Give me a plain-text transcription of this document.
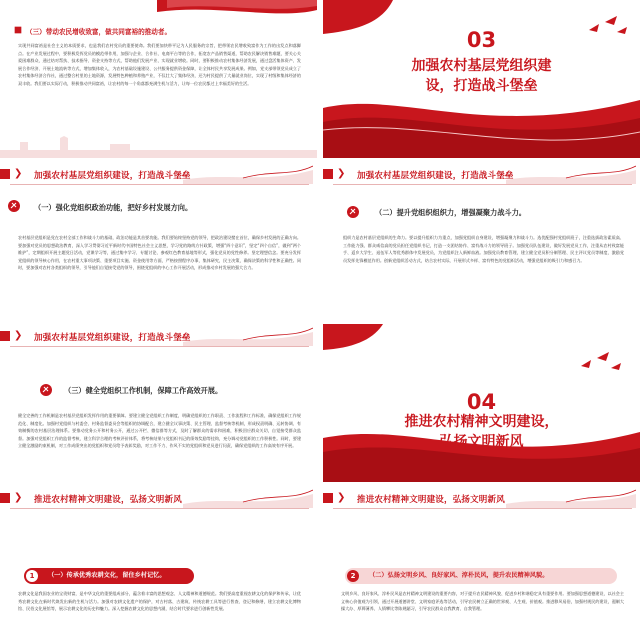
（三）带动农民增收致富，做共同富裕的推动者。
实现共同富裕是社会主义的本质要求，也是我们农村党员的重要使命。我们要加快带平记为人民服务的宗旨，把带领农民增收致富作为工作的出发点和落脚点。在产业发展过程中，要积极发挥党员的模范带作用，加强与企业、合作社、电商平台等的合作，拓宽农产品销售渠道，帮助农民解决销售难题，要关心关爱困难群众，通过结对帮扶、技术指导、资金支持等方式，帮助他们发展产业、实现就业增收。同时，要积极推动农村集体经济发展，通过盘活集体资产、发展合作经济、开展土地流转等方式，增加集体收入，为农村基础设施建设、公共服务提供资金保障，让全体村民共享发展成果。例如，党支部带领党员成立了农村集体经济合作社，通过整合村里的土地资源，发展特色种植和养殖产业，不仅壮大了集体经济，还为村民提供了大量就业岗位，实现了村级和集体经济的双丰收。我们要以实际行动，积极推动共同富裕，让农村的每一个角落都充满生机与活力，让每一位农民都过上幸福美好的生活。
03
加强农村基层党组织建
设，打造战斗堡垒
❯ 加强农村基层党组织建设，打造战斗堡垒
（一）强化党组织政治功能，把好乡村发展方向。
农村基层党组织是党在农村全部工作和战斗力的基础，政治功能是其首要功能。我们要始终坚持党的领导，把政治建设摆在首位，确保乡村发展的正确方向。要加强对党员的思想政治教育，深入学习贯彻习近平新时代中国特色社会主义思想，学习党的路线方针政策，增强“四个意识”，坚定“四个自信”，做到“两个维护”，定期组织开展主题党日活动，党课学习等，通过集中学习、专题讨论、参观红色教育基地等形式，强化党员的党性修养。坚定理想信念。要充分发挥党组织的领导核心作用，在农村重大事项决策、重要项目实施、资金使用等方面，严格按照程序办事，集体研究，民主决策，确保决策的科学性和正确性。同时，要加强对农村各类组织的领导，引导他们自觉接受党的领导，围绕党组织的中心工作开展活动，形成推动乡村发展的强大合力。
❯ 加强农村基层党组织建设，打造战斗堡垒
（二）提升党组织组织力，增强凝聚力战斗力。
组织力是农村基层党组织的生命力。要以提升组织力为重点，加强党组织自身建设，增强凝聚力和战斗力。选优配强村党组织班子，注重选拔政治素质高、工作能力强、群众威信高的党员担任党组织书记，打造一支团结协作、富有战斗力的领导班子。加强党员队伍建设，做好发展党员工作，注重从农村致富能手、返乡大学生、退伍军人等优秀群体中发展党员，为党组织注入新鲜血液。加强党员教育管理，建立健全党员积分制管理、民主评议党员等制度，激励党员发挥先锋模范作用。创新党组织活动方式，结合农村实际，开展形式多样、富有特色的党组织活动，增强党组织的吸引力和感召力。
❯ 加强农村基层党组织建设，打造战斗堡垒
（三）健全党组织工作机制，保障工作高效开展。
健全完善的工作机制是农村基层党组织发挥作用的重要保障。要建立健全党组织工作制度，明确党组织的工作职责、工作流程和工作标准，确保党组织工作规范化、制度化。加强村党组织与村委会、村务监督委员会等组织的协调配合，建立健全议事决策、民主管理、监督考核等机制，形成权责明确、运转协调、有效制衡的农村基层治理体系。要推动党务公开和村务公开，通过公开栏、微信群等方式，及时了解群众的需求和困难，积极回应群众关切，自觉接受群众监督。加强对党组织工作的监督考核，建立科学合理的考核评价体系，将考核结果与党组织书记的绩效奖励等挂钩，充分调动党组织的工作积极性。同时，要建立健全激励约束机制，对工作成绩突出的党组织和党员给予表彰奖励，对工作不力、作风不实的党组织和党员进行问责，确保党组织的工作高效有序开展。
04
推进农村精神文明建设，
弘扬文明新风
❯ 推进农村精神文明建设，弘扬文明新风
1	（一）传承优秀农耕文化，留住乡村记忆。
农耕文化是我国农业的宝贵财富，是中华文化的重要组成部分，蕴含着丰富的思想观念、人文精神和道德规范。我们要高度重视农耕文化的保护和传承，让优秀农耕文化在新时代焕发出新的生机与活力。加强对农耕文化遗产的保护，对古村落、古建筑、传统农耕工具等进行普查、登记和修缮，建立农耕文化博物馆、民俗文化展馆等，展示农耕文化的历史和魅力。深入挖掘农耕文化的思想内涵，结合时代要求进行创新性发展。
❯ 推进农村精神文明建设，弘扬文明新风
2	（二）弘扬文明乡风、良好家风、淳朴民风，提升农民精神风貌。
文明乡风、良好家风、淳朴民风是农村精神文明建设的重要内容，对于提升农民精神风貌、促进乡村和谐稳定具有重要作用。要加强思想道德建设，以社会主义核心价值观为引领，通过开展道德讲堂、文明家庭评选等活动，引导农民树立正确的世界观、人生观、价值观。推进移风易俗，加强村规民约建设，遏制大操大办、厚葬薄养、人情攀比等陈规陋习，引导农民群众自我教育、自我管理。
